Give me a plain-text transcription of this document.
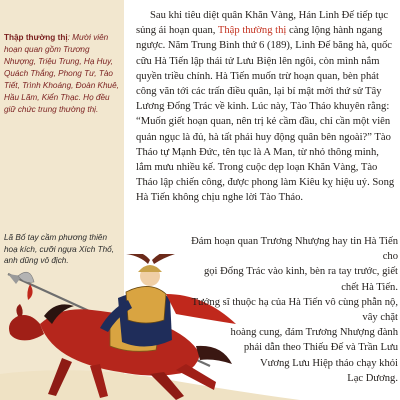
Thập thường thị: Mười viên hoạn quan gồm Trương Nhượng, Triệu Trung, Hạ Huy, Quách Thắng, Phong Tư, Tào Tiết, Trình Khoáng, Đoàn Khuê, Hầu Lãm, Kiển Thạc. Họ đều giữ chức trung thường thị.
Lã Bố tay cầm phương thiên hoạ kích, cưỡi ngựa Xích Thố, anh dũng vô địch.

Sau khi tiêu diệt quân Khăn Vàng, Hán Linh Đế tiếp tục sủng ái hoạn quan, Thập thường thị càng lộng hành ngang ngược. Năm Trung Bình thứ 6 (189), Linh Đế băng hà, quốc cữu Hà Tiến lập thái tử Lưu Biện lên ngôi, còn mình nắm quyền triều chính. Hà Tiến muốn trừ hoạn quan, bèn phát công văn tới các trấn điều quân, lại bí mật mời thứ sử Tây Lương Đổng Trác về kinh. Lúc này, Tào Tháo khuyên rằng: “Muốn giết hoạn quan, nên trị kẻ cầm đầu, chỉ cần một viên quản ngục là đủ, hà tất phải huy động quân bên ngoài?” Tào Tháo tự Mạnh Đức, tên tục là A Man, từ nhỏ thông minh, lắm mưu nhiều kế. Trong cuộc dẹp loạn Khăn Vàng, Tào Tháo lập chiến công, được phong làm Kiêu kỵ hiệu uý. Song Hà Tiến không chịu nghe lời Tào Tháo.

Đám hoạn quan Trương Nhượng hay tin Hà Tiến cho
gọi Đổng Trác vào kinh, bèn ra tay trước, giết chết Hà Tiến.
Tướng sĩ thuộc hạ của Hà Tiến vô cùng phẫn nộ, vây chặt
hoàng cung, đám Trương Nhượng đành
phải dẫn theo Thiếu Đế và Trần Lưu
Vương Lưu Hiệp tháo chạy khỏi
Lạc Dương.
